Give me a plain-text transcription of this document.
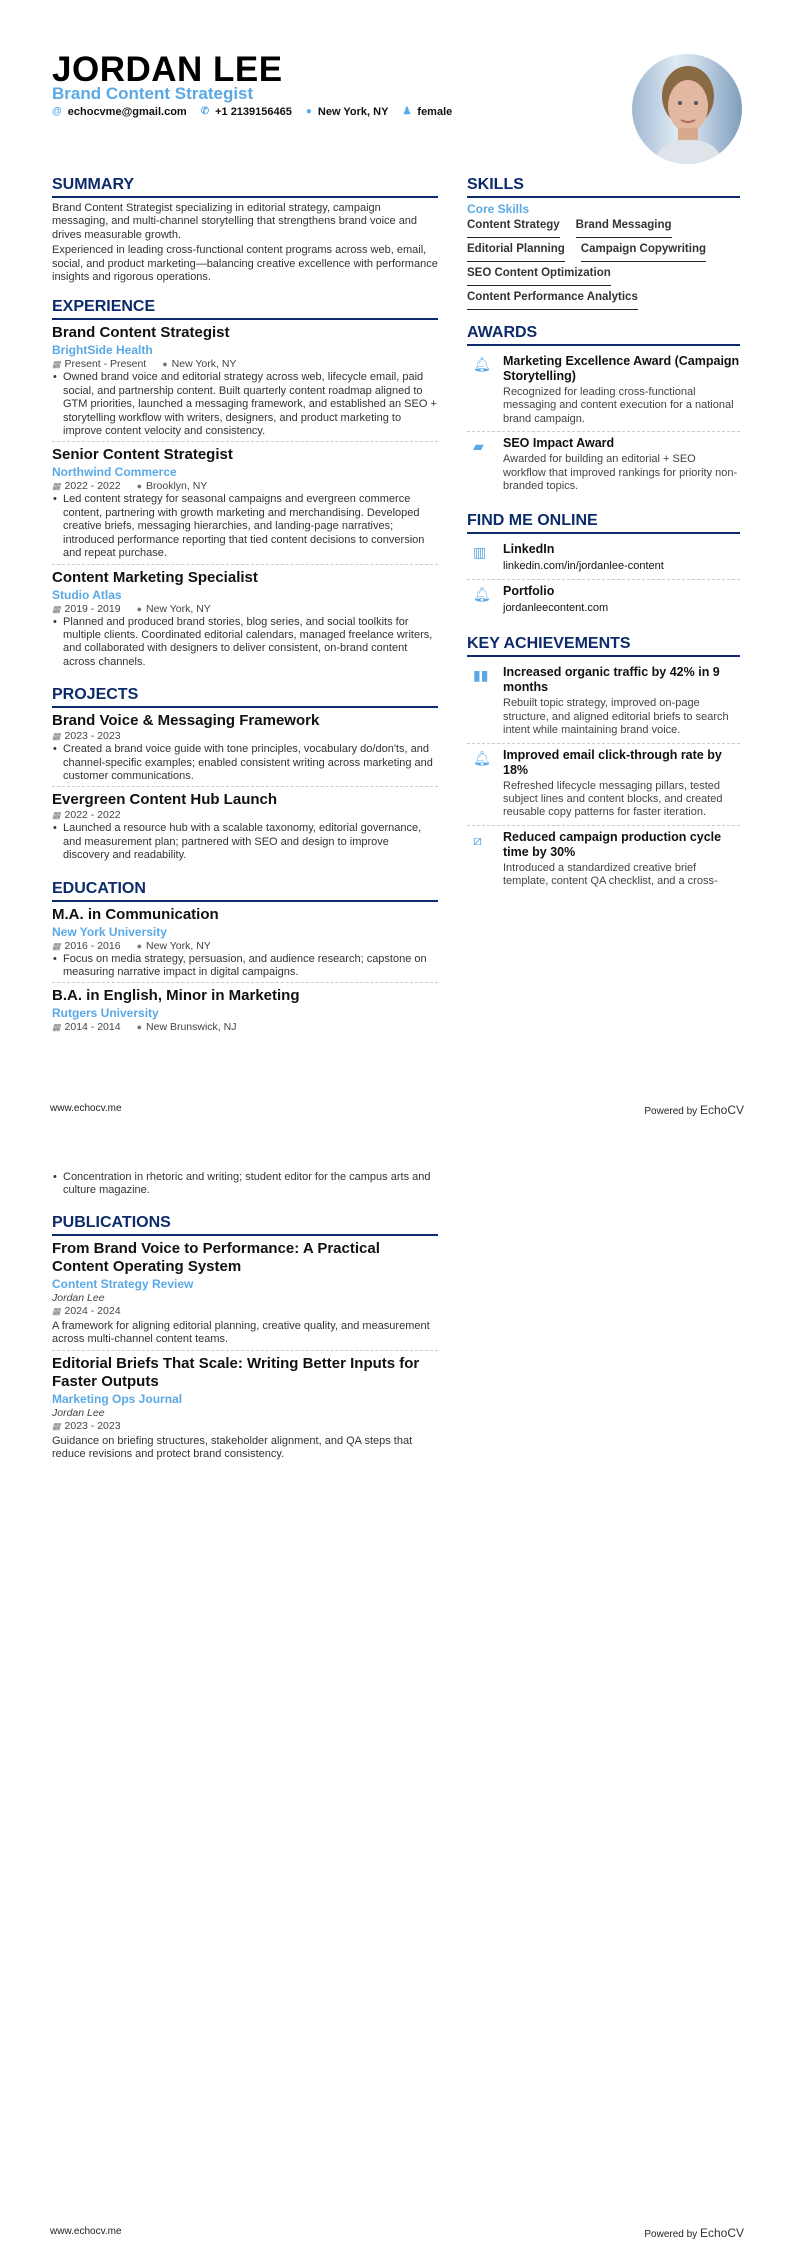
JORDAN LEE
Brand Content Strategist
@ echocvme@gmail.com ✆ +1 2139156465 ● New York, NY ♟ female
SUMMARY

Brand Content Strategist specializing in editorial strategy, campaign messaging, and multi-channel storytelling that strengthens brand voice and drives measurable growth.

Experienced in leading cross-functional content programs across web, email, social, and product marketing—balancing creative excellence with performance insights and rigorous operations.

EXPERIENCE
Brand Content Strategist
BrightSide Health
▦ Present - Present ● New York, NY
• Owned brand voice and editorial strategy across web, lifecycle email, paid social, and partnership content. Built quarterly content roadmap aligned to GTM priorities, launched a messaging framework, and established an SEO + storytelling workflow with writers, designers, and product marketing to improve content velocity and consistency.
Senior Content Strategist
Northwind Commerce
▦ 2022 - 2022 ● Brooklyn, NY
• Led content strategy for seasonal campaigns and evergreen commerce content, partnering with growth marketing and merchandising. Developed creative briefs, messaging hierarchies, and landing-page narratives; introduced performance reporting that tied content decisions to conversion and repeat purchase.
Content Marketing Specialist
Studio Atlas
▦ 2019 - 2019 ● New York, NY
• Planned and produced brand stories, blog series, and social toolkits for multiple clients. Coordinated editorial calendars, managed freelance writers, and collaborated with designers to deliver consistent, on-brand content across channels.
PROJECTS
Brand Voice & Messaging Framework
▦ 2023 - 2023
• Created a brand voice guide with tone principles, vocabulary do/don'ts, and channel-specific examples; enabled consistent writing across marketing and customer communications.
Evergreen Content Hub Launch
▦ 2022 - 2022
• Launched a resource hub with a scalable taxonomy, editorial governance, and measurement plan; partnered with SEO and design to improve discovery and readability.
EDUCATION
M.A. in Communication
New York University
▦ 2016 - 2016 ● New York, NY
• Focus on media strategy, persuasion, and audience research; capstone on measuring narrative impact in digital campaigns.
B.A. in English, Minor in Marketing
Rutgers University
▦ 2014 - 2014 ● New Brunswick, NJ
SKILLS
Core Skills
Content Strategy Brand Messaging
Editorial Planning Campaign Copywriting
SEO Content Optimization
Content Performance Analytics
AWARDS
🔔︎ Marketing Excellence Award (Campaign Storytelling)
Recognized for leading cross-functional messaging and content execution for a national brand campaign.
▰	SEO Impact Award
Awarded for building an editorial + SEO workflow that improved rankings for priority non-branded topics.
FIND ME ONLINE
▥ LinkedIn
linkedin.com/in/jordanlee-content
🔔︎ Portfolio
jordanleecontent.com
KEY ACHIEVEMENTS
▮▮ Increased organic traffic by 42% in 9 months
Rebuilt topic strategy, improved on-page structure, and aligned editorial briefs to search intent while maintaining brand voice.
🔔︎ Improved email click-through rate by 18%
Refreshed lifecycle messaging pillars, tested subject lines and content blocks, and created reusable copy patterns for faster iteration.
⧄	Reduced campaign production cycle time by 30%
Introduced a standardized creative brief template, content QA checklist, and a cross-
www.echocv.me	Powered by EchoCV
• Concentration in rhetoric and writing; student editor for the campus arts and culture magazine.
PUBLICATIONS
From Brand Voice to Performance: A Practical Content Operating System
Content Strategy Review
Jordan Lee
▦ 2024 - 2024

A framework for aligning editorial planning, creative quality, and measurement across multi-channel content teams.

Editorial Briefs That Scale: Writing Better Inputs for Faster Outputs
Marketing Ops Journal
Jordan Lee
▦ 2023 - 2023

Guidance on briefing structures, stakeholder alignment, and QA steps that reduce revisions and protect brand consistency.

www.echocv.me	Powered by EchoCV
